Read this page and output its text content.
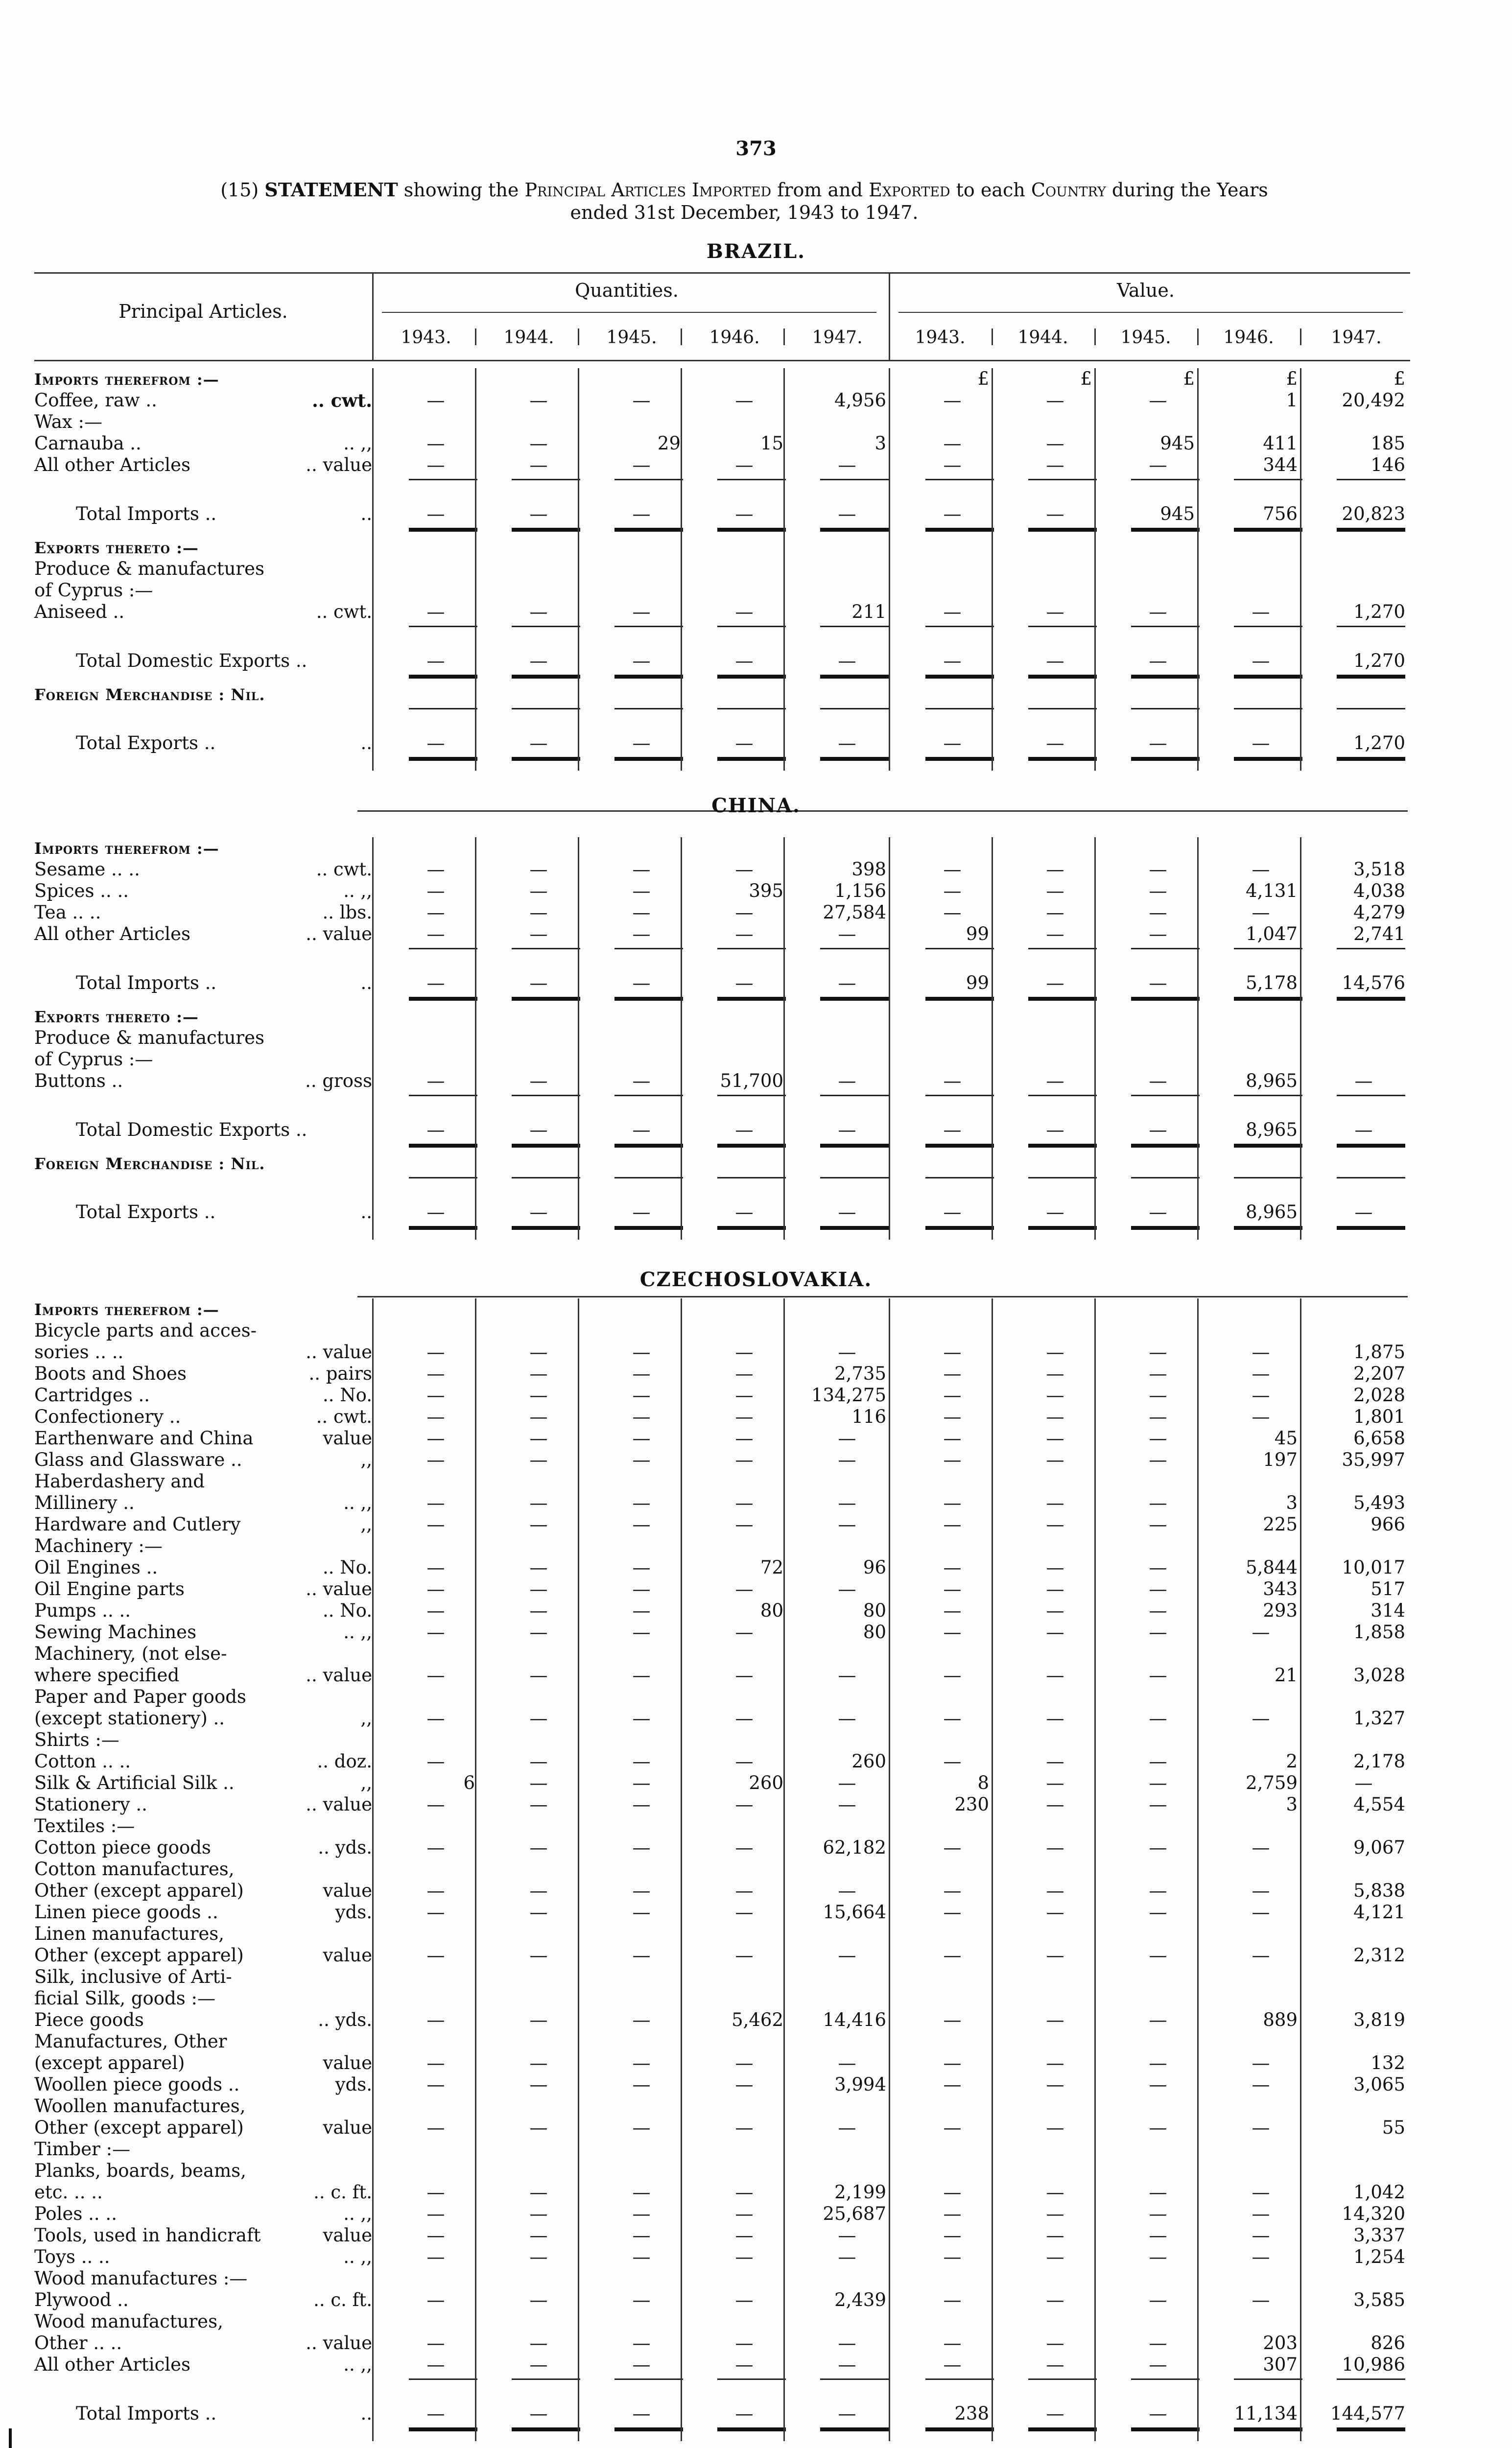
373
(15) STATEMENT showing the Principal Articles Imported from and Exported to each Country during the Years
ended 31st December, 1943 to 1947.
BRAZIL.
Principal Articles.
Quantities.	Value.
1943.	1944.	1945.	1946.	1947.	1943.	1944.	1945.	1946.	1947.
CHINA.
CZECHOSLOVAKIA.
Imports therefrom :—	£	£	£	£	£
Coffee, raw ..	.. cwt.	—	—	—	—	4,956	—	—	—	1	20,492
Wax :—
Carnauba ..	.. ,,	—	—	29	15	3	—	—	945	411	185
All other Articles	.. value	—	—	—	—	—	—	—	—	344	146
Total Imports ..	..	—	—	—	—	—	—	—	945	756	20,823
Exports thereto :—
Produce & manufactures
of Cyprus :—
Aniseed ..	.. cwt.	—	—	—	—	211	—	—	—	—	1,270
Total Domestic Exports ..	—	—	—	—	—	—	—	—	—	1,270
Foreign Merchandise : Nil.
Total Exports ..	..	—	—	—	—	—	—	—	—	—	1,270
Imports therefrom :—
Sesame .. ..	.. cwt.	—	—	—	—	398	—	—	—	—	3,518
Spices .. ..	.. ,,	—	—	—	395	1,156	—	—	—	4,131	4,038
Tea .. ..	.. lbs.	—	—	—	—	27,584	—	—	—	—	4,279
All other Articles	.. value	—	—	—	—	—	99	—	—	1,047	2,741
Total Imports ..	..	—	—	—	—	—	99	—	—	5,178	14,576
Exports thereto :—
Produce & manufactures
of Cyprus :—
Buttons ..	.. gross	—	—	—	51,700	—	—	—	—	8,965	—
Total Domestic Exports ..	—	—	—	—	—	—	—	—	8,965	—
Foreign Merchandise : Nil.
Total Exports ..	..	—	—	—	—	—	—	—	—	8,965	—
Imports therefrom :—
Bicycle parts and acces-
sories .. ..	.. value	—	—	—	—	—	—	—	—	—	1,875
Boots and Shoes	.. pairs	—	—	—	—	2,735	—	—	—	—	2,207
Cartridges ..	.. No.	—	—	—	—	134,275	—	—	—	—	2,028
Confectionery ..	.. cwt.	—	—	—	—	116	—	—	—	—	1,801
Earthenware and China	value	—	—	—	—	—	—	—	—	45	6,658
Glass and Glassware ..	,,	—	—	—	—	—	—	—	—	197	35,997
Haberdashery and
Millinery ..	.. ,,	—	—	—	—	—	—	—	—	3	5,493
Hardware and Cutlery	,,	—	—	—	—	—	—	—	—	225	966
Machinery :—
Oil Engines ..	.. No.	—	—	—	72	96	—	—	—	5,844	10,017
Oil Engine parts	.. value	—	—	—	—	—	—	—	—	343	517
Pumps .. ..	.. No.	—	—	—	80	80	—	—	—	293	314
Sewing Machines	.. ,,	—	—	—	—	80	—	—	—	—	1,858
Machinery, (not else-
where specified	.. value	—	—	—	—	—	—	—	—	21	3,028
Paper and Paper goods
(except stationery) ..	,,	—	—	—	—	—	—	—	—	—	1,327
Shirts :—
Cotton .. ..	.. doz.	—	—	—	—	260	—	—	—	2	2,178
Silk & Artificial Silk ..	,,	6	—	—	260	—	8	—	—	2,759	—
Stationery ..	.. value	—	—	—	—	—	230	—	—	3	4,554
Textiles :—
Cotton piece goods	.. yds.	—	—	—	—	62,182	—	—	—	—	9,067
Cotton manufactures,
Other (except apparel)	value	—	—	—	—	—	—	—	—	—	5,838
Linen piece goods ..	yds.	—	—	—	—	15,664	—	—	—	—	4,121
Linen manufactures,
Other (except apparel)	value	—	—	—	—	—	—	—	—	—	2,312
Silk, inclusive of Arti-
ficial Silk, goods :—
Piece goods	.. yds.	—	—	—	5,462	14,416	—	—	—	889	3,819
Manufactures, Other
(except apparel)	value	—	—	—	—	—	—	—	—	—	132
Woollen piece goods ..	yds.	—	—	—	—	3,994	—	—	—	—	3,065
Woollen manufactures,
Other (except apparel)	value	—	—	—	—	—	—	—	—	—	55
Timber :—
Planks, boards, beams,
etc. .. ..	.. c. ft.	—	—	—	—	2,199	—	—	—	—	1,042
Poles .. ..	.. ,,	—	—	—	—	25,687	—	—	—	—	14,320
Tools, used in handicraft	value	—	—	—	—	—	—	—	—	—	3,337
Toys .. ..	.. ,,	—	—	—	—	—	—	—	—	—	1,254
Wood manufactures :—
Plywood ..	.. c. ft.	—	—	—	—	2,439	—	—	—	—	3,585
Wood manufactures,
Other .. ..	.. value	—	—	—	—	—	—	—	—	203	826
All other Articles	.. ,,	—	—	—	—	—	—	—	—	307	10,986
Total Imports ..	..	—	—	—	—	—	238	—	—	11,134	144,577
